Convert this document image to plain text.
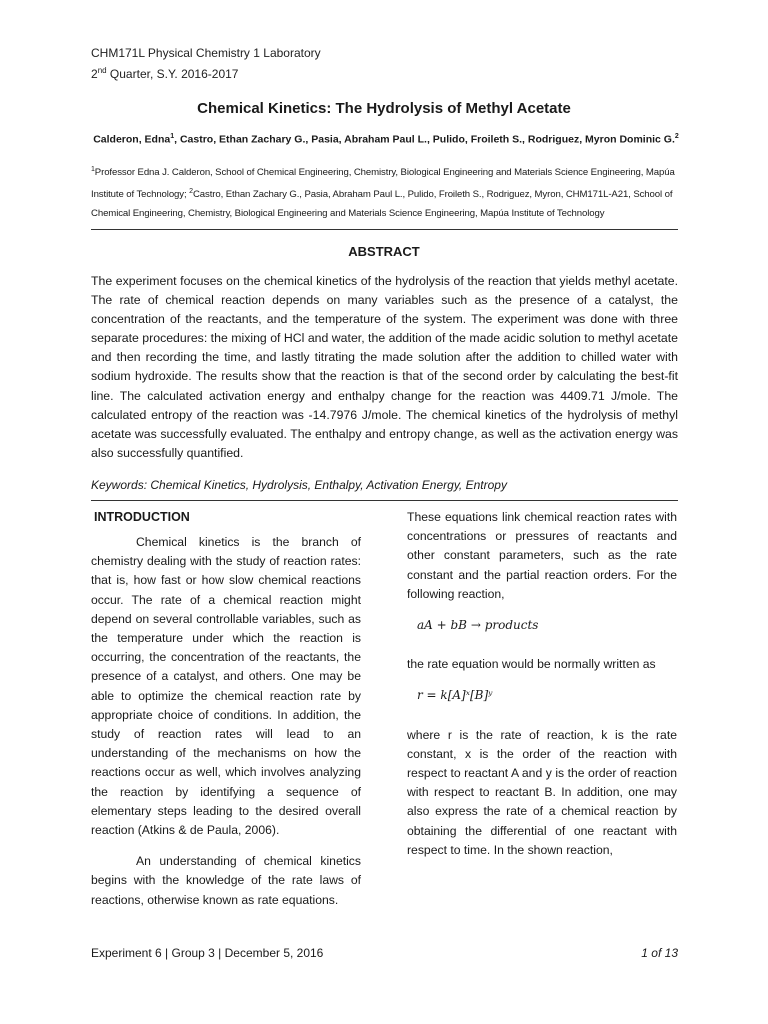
CHM171L Physical Chemistry 1 Laboratory
2nd Quarter, S.Y. 2016-2017
Chemical Kinetics: The Hydrolysis of Methyl Acetate
Calderon, Edna$^1$, Castro, Ethan Zachary G., Pasia, Abraham Paul L., Pulido, Froileth S., Rodriguez, Myron Dominic G.$^2$
$^1$Professor Edna J. Calderon, School of Chemical Engineering, Chemistry, Biological Engineering and Materials Science Engineering, Mapúa Institute of Technology; $^2$Castro, Ethan Zachary G., Pasia, Abraham Paul L., Pulido, Froileth S., Rodriguez, Myron, CHM171L-A21, School of Chemical Engineering, Chemistry, Biological Engineering and Materials Science Engineering, Mapúa Institute of Technology
ABSTRACT
The experiment focuses on the chemical kinetics of the hydrolysis of the reaction that yields methyl acetate. The rate of chemical reaction depends on many variables such as the presence of a catalyst, the concentration of the reactants, and the temperature of the system. The experiment was done with three separate procedures: the mixing of HCl and water, the addition of the made acidic solution to methyl acetate and then recording the time, and lastly titrating the made solution after the addition to chilled water with sodium hydroxide. The results show that the reaction is that of the second order by calculating the best-fit line. The calculated activation energy and enthalpy change for the reaction was 4409.71 J/mole. The calculated entropy of the reaction was -14.7976 J/mole. The chemical kinetics of the hydrolysis of methyl acetate was successfully evaluated. The enthalpy and entropy change, as well as the activation energy was also successfully quantified.
Keywords: Chemical Kinetics, Hydrolysis, Enthalpy, Activation Energy, Entropy
INTRODUCTION

Chemical kinetics is the branch of chemistry dealing with the study of reaction rates: that is, how fast or how slow chemical reactions occur. The rate of a chemical reaction might depend on several controllable variables, such as the temperature under which the reaction is occurring, the concentration of the reactants, the presence of a catalyst, and others. One may be able to optimize the chemical reaction rate by appropriate choice of conditions. In addition, the study of reaction rates will lead to an understanding of the mechanisms on how the reactions occur as well, which involves analyzing the reaction by identifying a sequence of elementary steps leading to the desired overall reaction (Atkins & de Paula, 2006).

An understanding of chemical kinetics begins with the knowledge of the rate laws of reactions, otherwise known as rate equations.

These equations link chemical reaction rates with concentrations or pressures of reactants and other constant parameters, such as the rate constant and the partial reaction orders. For the following reaction,

aA + bB → products

the rate equation would be normally written as

r = k[A]ˣ[B]ʸ

where r is the rate of reaction, k is the rate constant, x is the order of the reaction with respect to reactant A and y is the order of reaction with respect to reactant B. In addition, one may also express the rate of a chemical reaction by obtaining the differential of one reactant with respect to time. In the shown reaction,

Experiment 6 | Group 3 | December 5, 2016	1 of 13
